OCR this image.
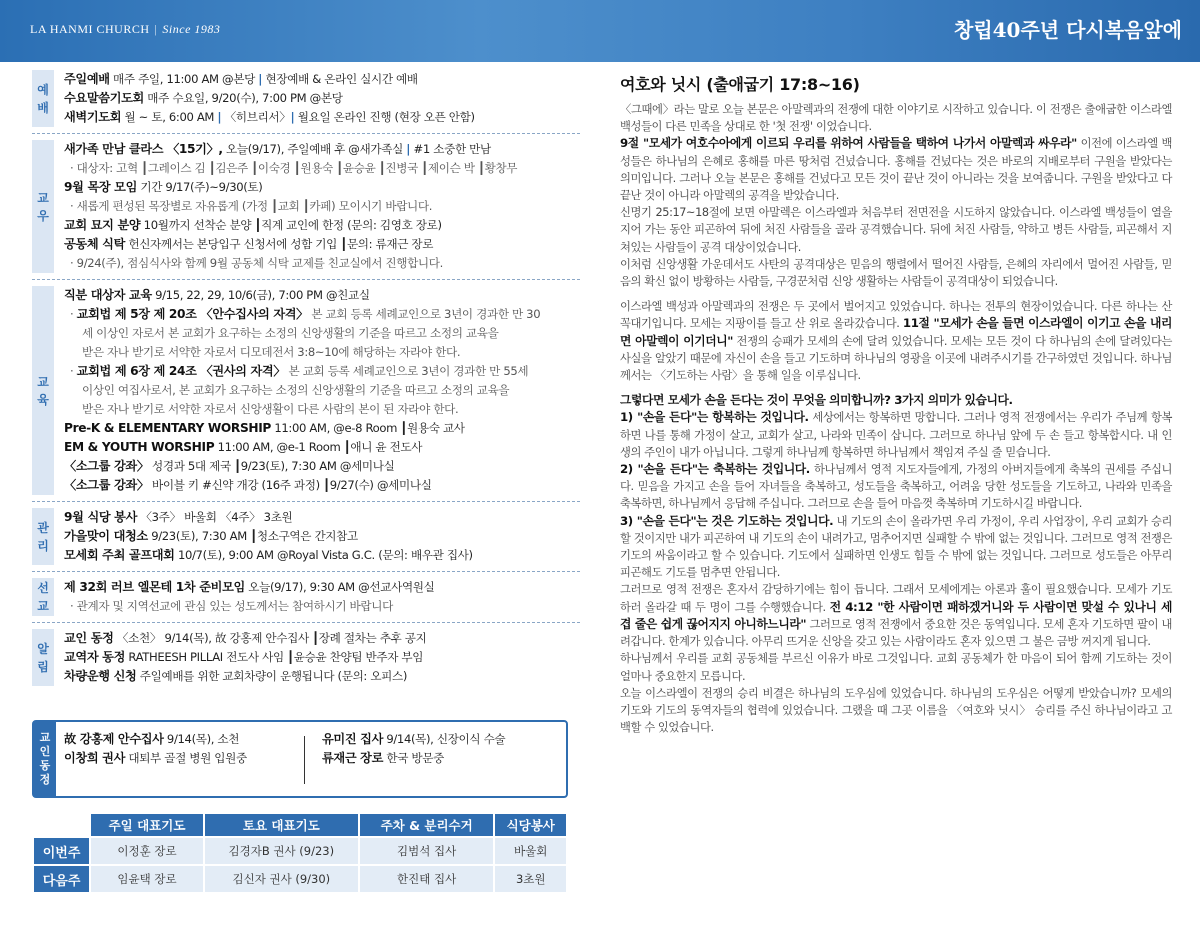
LA HANMI CHURCH | Since 1983	창립40주년 다시복음앞에
예배
주일예배 매주 주일, 11:00 AM @본당 | 현장예배 & 온라인 실시간 예배
수요말씀기도회 매주 수요일, 9/20(수), 7:00 PM @본당
새벽기도회 월 ~ 토, 6:00 AM | 〈히브리서〉| 월요일 온라인 진행 (현장 오픈 안함)
교우
새가족 만남 클라스 〈15기〉, 오늘(9/17), 주일예배 후 @새가족실 | #1 소중한 만남
· 대상자: 고혁 ┃그레이스 김 ┃김은주 ┃이숙경 ┃원용숙 ┃윤승윤 ┃진병국 ┃제이슨 박 ┃황창무
9월 목장 모임 기간 9/17(주)~9/30(토)
· 새롭게 편성된 목장별로 자유롭게 (가정 ┃교회 ┃카페) 모이시기 바랍니다.
교회 묘지 분양 10월까지 선착순 분양 ┃직계 교인에 한정 (문의: 김영호 장로)
공동체 식탁 헌신자께서는 본당입구 신청서에 성함 기입 ┃문의: 류재근 장로
· 9/24(주), 점심식사와 함께 9월 공동체 식탁 교제를 친교실에서 진행합니다.
교육
직분 대상자 교육 9/15, 22, 29, 10/6(금), 7:00 PM @친교실
· 교회법 제 5장 제 20조 〈안수집사의 자격〉 본 교회 등록 세례교인으로 3년이 경과한 만 30
세 이상인 자로서 본 교회가 요구하는 소정의 신앙생활의 기준을 따르고 소정의 교육을
받은 자나 받기로 서약한 자로서 디모데전서 3:8~10에 해당하는 자라야 한다.
· 교회법 제 6장 제 24조 〈권사의 자격〉 본 교회 등록 세례교인으로 3년이 경과한 만 55세
이상인 여집사로서, 본 교회가 요구하는 소정의 신앙생활의 기준을 따르고 소정의 교육을
받은 자나 받기로 서약한 자로서 신앙생활이 다른 사람의 본이 된 자라야 한다.
Pre-K & ELEMENTARY WORSHIP 11:00 AM, @e-8 Room ┃원용숙 교사
EM & YOUTH WORSHIP 11:00 AM, @e-1 Room ┃애니 윤 전도사
〈소그룹 강좌〉 성경과 5대 제국 ┃9/23(토), 7:30 AM @세미나실
〈소그룹 강좌〉 바이블 키 #신약 개강 (16주 과정) ┃9/27(수) @세미나실
관리
9월 식당 봉사 〈3주〉 바울회 〈4주〉 3초원
가을맞이 대청소 9/23(토), 7:30 AM ┃청소구역은 간지참고
모세회 주최 골프대회 10/7(토), 9:00 AM @Royal Vista G.C. (문의: 배우관 집사)
선교
제 32회 러브 엘몬테 1차 준비모임 오늘(9/17), 9:30 AM @선교사역원실
· 관계자 및 지역선교에 관심 있는 성도께서는 참여하시기 바랍니다
알림
교인 동정 〈소천〉 9/14(목), 故 강홍제 안수집사 ┃장례 절차는 추후 공지
교역자 동정 RATHEESH PILLAI 전도사 사임 ┃윤승윤 찬양팀 반주자 부임
차량운행 신청 주일예배를 위한 교회차량이 운행됩니다 (문의: 오피스)
교인동정
故 강홍제 안수집사 9/14(목), 소천
이창희 권사 대퇴부 골절 병원 입원중
유미진 집사 9/14(목), 신장이식 수술
류재근 장로 한국 방문중
	주일 대표기도	토요 대표기도	주차 & 분리수거	식당봉사
이번주	이정훈 장로	김경자B 권사 (9/23)	김범석 집사	바울회
다음주	임윤택 장로	김신자 권사 (9/30)	한진태 집사	3초원
여호와 닛시 (출애굽기 17:8~16)

〈그때에〉라는 말로 오늘 본문은 아말렉과의 전쟁에 대한 이야기로 시작하고 있습니다. 이 전쟁은 출애굽한 이스라엘 백성들이 다른 민족을 상대로 한 '첫 전쟁' 이었습니다.

9절 "모세가 여호수아에게 이르되 우리를 위하여 사람들을 택하여 나가서 아말렉과 싸우라" 이전에 이스라엘 백성들은 하나님의 은혜로 홍해를 마른 땅처럼 건넜습니다. 홍해를 건넜다는 것은 바로의 지배로부터 구원을 받았다는 의미입니다. 그러나 오늘 본문은 홍해를 건넜다고 모든 것이 끝난 것이 아니라는 것을 보여줍니다. 구원을 받았다고 다 끝난 것이 아니라 아말렉의 공격을 받았습니다.

신명기 25:17~18절에 보면 아말렉은 이스라엘과 처음부터 전면전을 시도하지 않았습니다. 이스라엘 백성들이 열을 지어 가는 동안 피곤하여 뒤에 처진 사람들을 골라 공격했습니다. 뒤에 처진 사람들, 약하고 병든 사람들, 피곤해서 지쳐있는 사람들이 공격 대상이었습니다.

이처럼 신앙생활 가운데서도 사탄의 공격대상은 믿음의 행렬에서 떨어진 사람들, 은혜의 자리에서 멀어진 사람들, 믿음의 확신 없이 방황하는 사람들, 구경꾼처럼 신앙 생활하는 사람들이 공격대상이 되었습니다.

이스라엘 백성과 아말렉과의 전쟁은 두 곳에서 벌어지고 있었습니다. 하나는 전투의 현장이었습니다. 다른 하나는 산꼭대기입니다. 모세는 지팡이를 들고 산 위로 올라갔습니다. 11절 "모세가 손을 들면 이스라엘이 이기고 손을 내리면 아말렉이 이기더니" 전쟁의 승패가 모세의 손에 달려 있었습니다. 모세는 모든 것이 다 하나님의 손에 달려있다는 사실을 알았기 때문에 자신이 손을 들고 기도하며 하나님의 영광을 이곳에 내려주시기를 간구하였던 것입니다. 하나님께서는 〈기도하는 사람〉을 통해 일을 이루십니다.

그렇다면 모세가 손을 든다는 것이 무엇을 의미합니까? 3가지 의미가 있습니다.

1) "손을 든다"는 항복하는 것입니다. 세상에서는 항복하면 망합니다. 그러나 영적 전쟁에서는 우리가 주님께 항복하면 나를 통해 가정이 살고, 교회가 살고, 나라와 민족이 삽니다. 그러므로 하나님 앞에 두 손 들고 항복합시다. 내 인생의 주인이 내가 아닙니다. 그렇게 하나님께 항복하면 하나님께서 책임져 주실 줄 믿습니다.

2) "손을 든다"는 축복하는 것입니다. 하나님께서 영적 지도자들에게, 가정의 아버지들에게 축복의 권세를 주십니다. 믿음을 가지고 손을 들어 자녀들을 축복하고, 성도들을 축복하고, 어려움 당한 성도들을 기도하고, 나라와 민족을 축복하면, 하나님께서 응답해 주십니다. 그러므로 손을 들어 마음껏 축복하며 기도하시길 바랍니다.

3) "손을 든다"는 것은 기도하는 것입니다. 내 기도의 손이 올라가면 우리 가정이, 우리 사업장이, 우리 교회가 승리할 것이지만 내가 피곤하여 내 기도의 손이 내려가고, 멈추어지면 실패할 수 밖에 없는 것입니다. 그러므로 영적 전쟁은 기도의 싸움이라고 할 수 있습니다. 기도에서 실패하면 인생도 힘들 수 밖에 없는 것입니다. 그러므로 성도들은 아무리 피곤해도 기도를 멈추면 안됩니다.

그러므로 영적 전쟁은 혼자서 감당하기에는 힘이 듭니다. 그래서 모세에게는 아론과 훌이 필요했습니다. 모세가 기도하러 올라갈 때 두 명이 그를 수행했습니다. 전 4:12 "한 사람이면 패하겠거니와 두 사람이면 맞설 수 있나니 세 겹 줄은 쉽게 끊어지지 아니하느니라" 그러므로 영적 전쟁에서 중요한 것은 동역입니다. 모세 혼자 기도하면 팔이 내려갑니다. 한계가 있습니다. 아무리 뜨거운 신앙을 갖고 있는 사람이라도 혼자 있으면 그 불은 금방 꺼지게 됩니다.

하나님께서 우리를 교회 공동체를 부르신 이유가 바로 그것입니다. 교회 공동체가 한 마음이 되어 함께 기도하는 것이 얼마나 중요한지 모릅니다.

오늘 이스라엘이 전쟁의 승리 비결은 하나님의 도우심에 있었습니다. 하나님의 도우심은 어떻게 받았습니까? 모세의 기도와 기도의 동역자들의 협력에 있었습니다. 그랬을 때 그곳 이름을 〈여호와 닛시〉 승리를 주신 하나님이라고 고백할 수 있었습니다.
